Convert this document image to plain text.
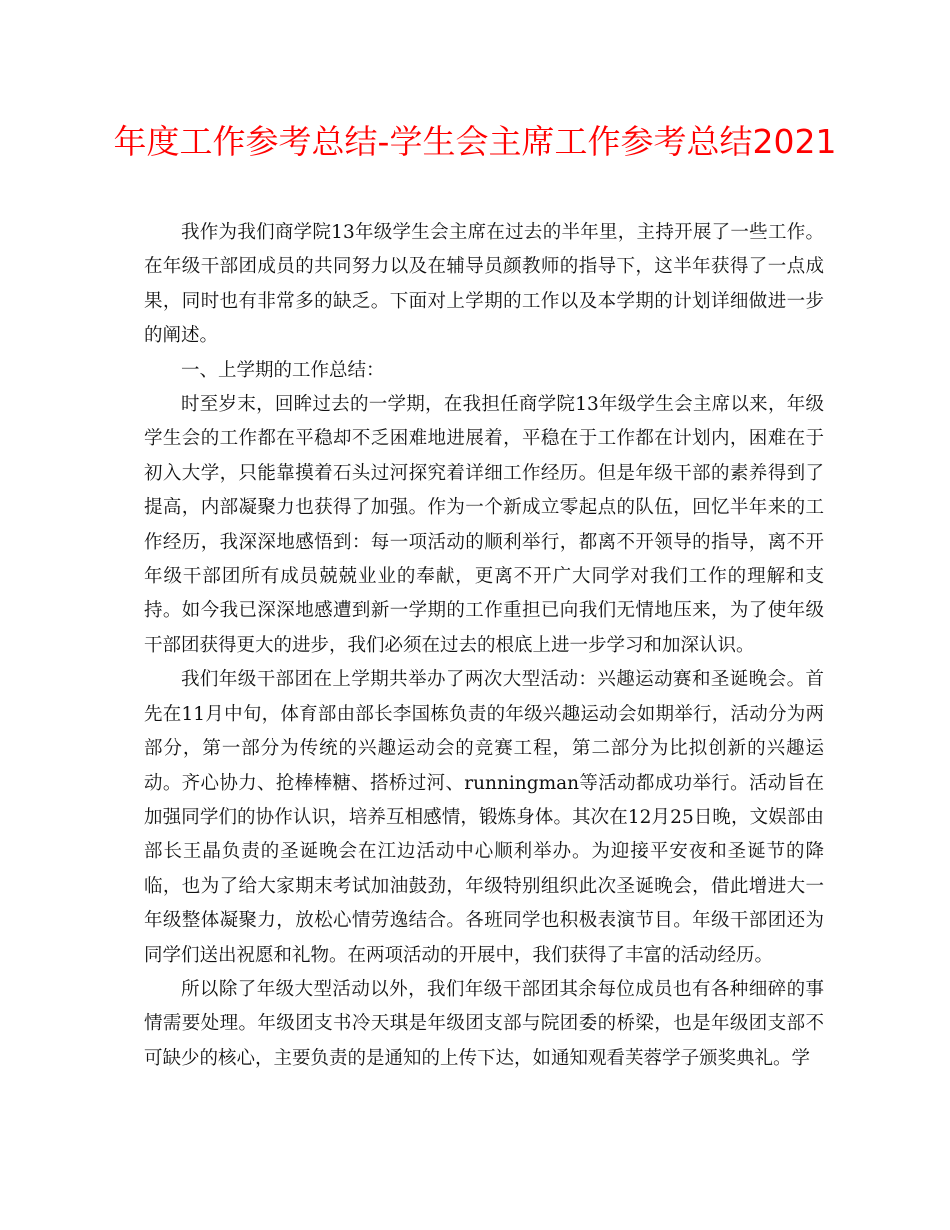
年度工作参考总结-学生会主席工作参考总结2021

我作为我们商学院13年级学生会主席在过去的半年里，主持开展了一些工作。在年级干部团成员的共同努力以及在辅导员颜教师的指导下，这半年获得了一点成果，同时也有非常多的缺乏。下面对上学期的工作以及本学期的计划详细做进一步的阐述。

一、上学期的工作总结：

时至岁末，回眸过去的一学期，在我担任商学院13年级学生会主席以来，年级学生会的工作都在平稳却不乏困难地进展着，平稳在于工作都在计划内，困难在于初入大学，只能靠摸着石头过河探究着详细工作经历。但是年级干部的素养得到了提高，内部凝聚力也获得了加强。作为一个新成立零起点的队伍，回忆半年来的工作经历，我深深地感悟到：每一项活动的顺利举行，都离不开领导的指导，离不开年级干部团所有成员兢兢业业的奉献，更离不开广大同学对我们工作的理解和支持。如今我已深深地感遭到新一学期的工作重担已向我们无情地压来，为了使年级干部团获得更大的进步，我们必须在过去的根底上进一步学习和加深认识。

我们年级干部团在上学期共举办了两次大型活动：兴趣运动赛和圣诞晚会。首先在11月中旬，体育部由部长李国栋负责的年级兴趣运动会如期举行，活动分为两部分，第一部分为传统的兴趣运动会的竞赛工程，第二部分为比拟创新的兴趣运动。齐心协力、抢棒棒糖、搭桥过河、runningman等活动都成功举行。活动旨在加强同学们的协作认识，培养互相感情，锻炼身体。其次在12月25日晚，文娱部由部长王晶负责的圣诞晚会在江边活动中心顺利举办。为迎接平安夜和圣诞节的降临，也为了给大家期末考试加油鼓劲，年级特别组织此次圣诞晚会，借此增进大一年级整体凝聚力，放松心情劳逸结合。各班同学也积极表演节目。年级干部团还为同学们送出祝愿和礼物。在两项活动的开展中，我们获得了丰富的活动经历。

所以除了年级大型活动以外，我们年级干部团其余每位成员也有各种细碎的事情需要处理。年级团支书冷天琪是年级团支部与院团委的桥梁，也是年级团支部不可缺少的核心，主要负责的是通知的上传下达，如通知观看芙蓉学子颁奖典礼。学
